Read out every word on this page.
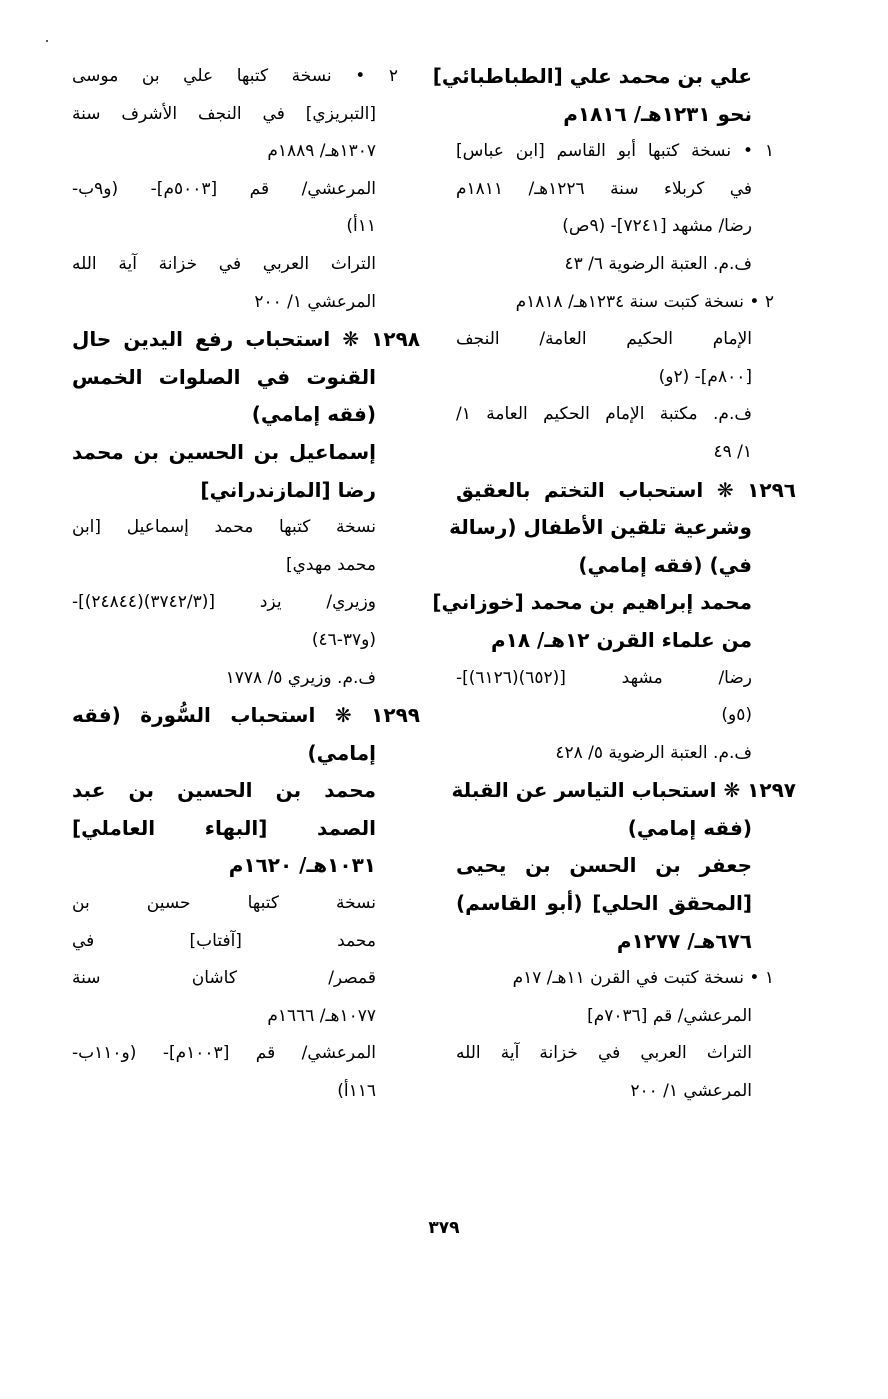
علي بن محمد علي [الطباطبائي]
نحو ١٢٣١هـ/ ١٨١٦م
١ • نسخة كتبها أبو القاسم [ابن عباس]
في كربلاء سنة ١٢٢٦هـ/ ١٨١١م
رضا/ مشهد [٧٢٤١]- (٩ص)
ف.م. العتبة الرضوية ٦/ ٤٣
٢ • نسخة كتبت سنة ١٢٣٤هـ/ ١٨١٨م
الإمام الحكيم العامة/ النجف
[٨٠٠م]- (٢و)
ف.م. مكتبة الإمام الحكيم العامة ١/
١/ ٤٩
١٢٩٦ ❋ استحباب التختم بالعقيق
وشرعية تلقين الأطفال (رسالة
في) (فقه إمامي)
محمد إبراهيم بن محمد [خوزاني]
من علماء القرن ١٢هـ/ ١٨م
رضا/ مشهد [(٦٥٢)(٦١٢٦)]-
(٥و)
ف.م. العتبة الرضوية ٥/ ٤٢٨
١٢٩٧ ❋ استحباب التياسر عن القبلة
(فقه إمامي)
جعفر بن الحسن بن يحيى
[المحقق الحلي] (أبو القاسم)
٦٧٦هـ/ ١٢٧٧م
١ • نسخة كتبت في القرن ١١هـ/ ١٧م
المرعشي/ قم [٧٠٣٦م]
التراث العربي في خزانة آية الله
المرعشي ١/ ٢٠٠
٢ • نسخة كتبها علي بن موسى
[التبريزي] في النجف الأشرف سنة
١٣٠٧هـ/ ١٨٨٩م
المرعشي/ قم [٥٠٠٣م]- (و٩ب-
١١أ)
التراث العربي في خزانة آية الله
المرعشي ١/ ٢٠٠
١٢٩٨ ❋ استحباب رفع اليدين حال
القنوت في الصلوات الخمس
(فقه إمامي)
إسماعيل بن الحسين بن محمد
رضا [المازندراني]
نسخة كتبها محمد إسماعيل [ابن
محمد مهدي]
وزيري/ يزد [(٣٧٤٢/٣)(٢٤٨٤٤)]-
(و٣٧-٤٦)
ف.م. وزيري ٥/ ١٧٧٨
١٢٩٩ ❋ استحباب السُّورة (فقه
إمامي)
محمد بن الحسين بن عبد
الصمد [البهاء العاملي]
١٠٣١هـ/ ١٦٢٠م
نسخة كتبها حسين بن
محمد [آفتاب] في
قمصر/ كاشان سنة
١٠٧٧هـ/ ١٦٦٦م
المرعشي/ قم [١٠٠٣م]- (و١١٠ب-
١١٦أ)
٣٧٩
